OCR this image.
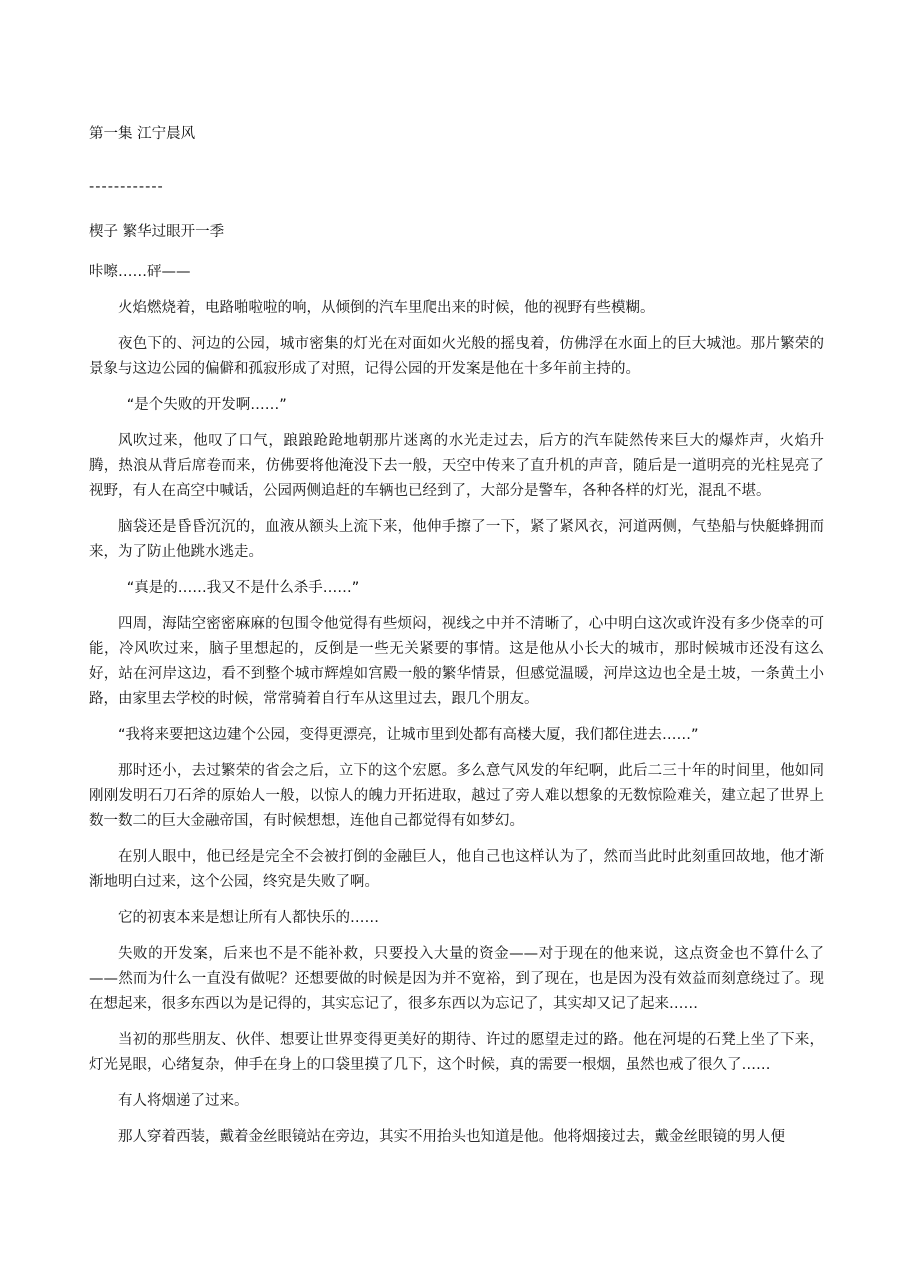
第一集 江宁晨风
------------
楔子 繁华过眼开一季

咔嚓……砰——

火焰燃烧着，电路啪啦啦的响，从倾倒的汽车里爬出来的时候，他的视野有些模糊。

夜色下的、河边的公园，城市密集的灯光在对面如火光般的摇曳着，仿佛浮在水面上的巨大城池。那片繁荣的景象与这边公园的偏僻和孤寂形成了对照，记得公园的开发案是他在十多年前主持的。

“是个失败的开发啊……”

风吹过来，他叹了口气，踉踉跄跄地朝那片迷离的水光走过去，后方的汽车陡然传来巨大的爆炸声，火焰升腾，热浪从背后席卷而来，仿佛要将他淹没下去一般，天空中传来了直升机的声音，随后是一道明亮的光柱晃亮了视野，有人在高空中喊话，公园两侧追赶的车辆也已经到了，大部分是警车，各种各样的灯光，混乱不堪。

脑袋还是昏昏沉沉的，血液从额头上流下来，他伸手擦了一下，紧了紧风衣，河道两侧，气垫船与快艇蜂拥而来，为了防止他跳水逃走。

“真是的……我又不是什么杀手……”

四周，海陆空密密麻麻的包围令他觉得有些烦闷，视线之中并不清晰了，心中明白这次或许没有多少侥幸的可能，冷风吹过来，脑子里想起的，反倒是一些无关紧要的事情。这是他从小长大的城市，那时候城市还没有这么好，站在河岸这边，看不到整个城市辉煌如宫殿一般的繁华情景，但感觉温暖，河岸这边也全是土坡，一条黄土小路，由家里去学校的时候，常常骑着自行车从这里过去，跟几个朋友。

“我将来要把这边建个公园，变得更漂亮，让城市里到处都有高楼大厦，我们都住进去……”

那时还小，去过繁荣的省会之后，立下的这个宏愿。多么意气风发的年纪啊，此后二三十年的时间里，他如同刚刚发明石刀石斧的原始人一般，以惊人的魄力开拓进取，越过了旁人难以想象的无数惊险难关，建立起了世界上数一数二的巨大金融帝国，有时候想想，连他自己都觉得有如梦幻。

在别人眼中，他已经是完全不会被打倒的金融巨人，他自己也这样认为了，然而当此时此刻重回故地，他才渐渐地明白过来，这个公园，终究是失败了啊。

它的初衷本来是想让所有人都快乐的……

失败的开发案，后来也不是不能补救，只要投入大量的资金——对于现在的他来说，这点资金也不算什么了——然而为什么一直没有做呢？还想要做的时候是因为并不宽裕，到了现在，也是因为没有效益而刻意绕过了。现在想起来，很多东西以为是记得的，其实忘记了，很多东西以为忘记了，其实却又记了起来……

当初的那些朋友、伙伴、想要让世界变得更美好的期待、许过的愿望走过的路。他在河堤的石凳上坐了下来，灯光晃眼，心绪复杂，伸手在身上的口袋里摸了几下，这个时候，真的需要一根烟，虽然也戒了很久了……

有人将烟递了过来。

那人穿着西装，戴着金丝眼镜站在旁边，其实不用抬头也知道是他。他将烟接过去，戴金丝眼镜的男人便
